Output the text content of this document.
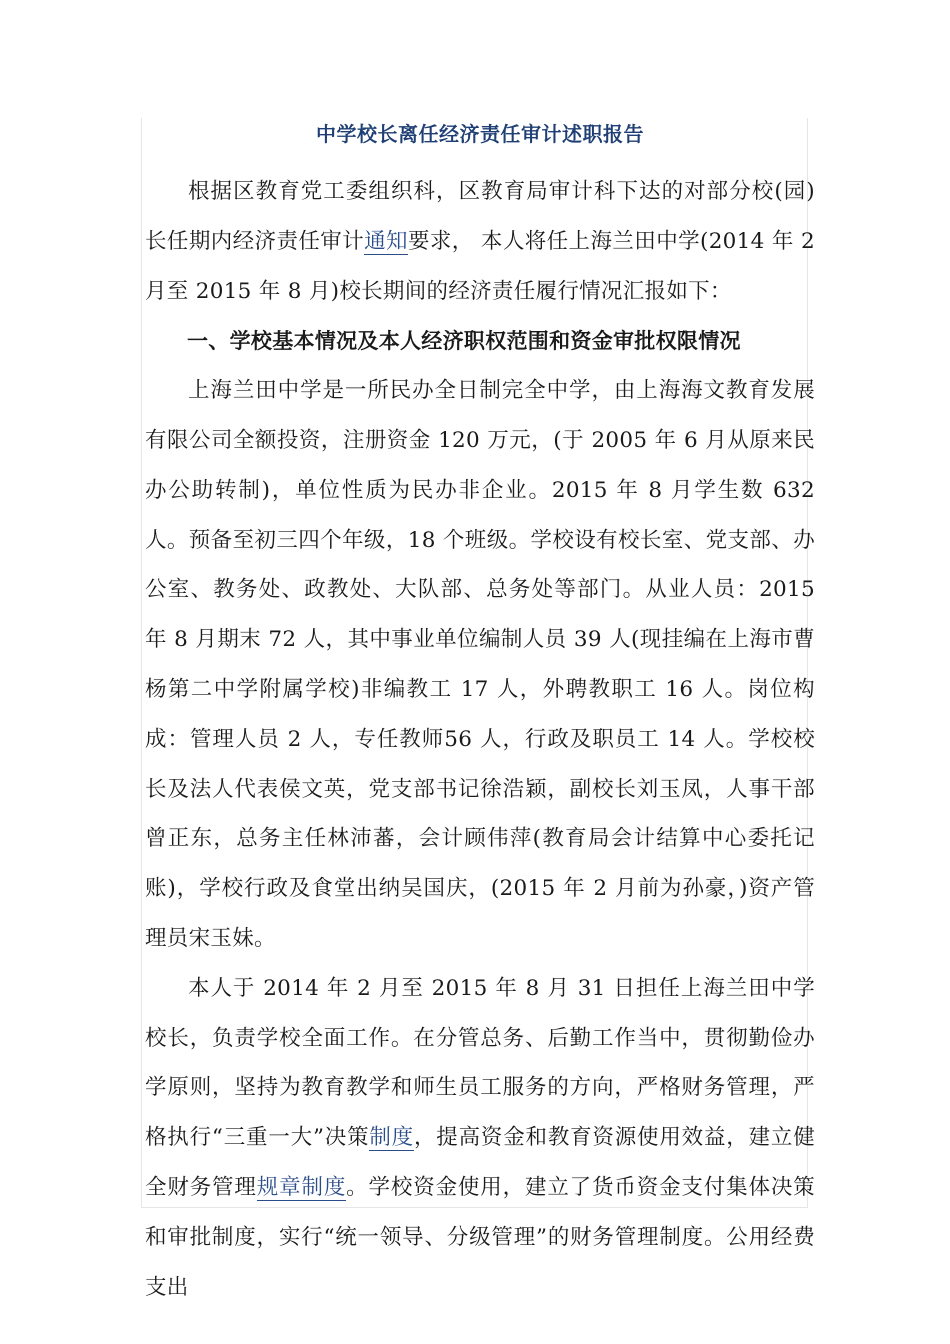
中学校长离任经济责任审计述职报告

根据区教育党工委组织科，区教育局审计科下达的对部分校(园)长任期内经济责任审计通知要求， 本人将任上海兰田中学(2014 年 2 月至 2015 年 8 月)校长期间的经济责任履行情况汇报如下：

一、学校基本情况及本人经济职权范围和资金审批权限情况

上海兰田中学是一所民办全日制完全中学，由上海海文教育发展有限公司全额投资，注册资金 120 万元，(于 2005 年 6 月从原来民办公助转制)，单位性质为民办非企业。2015 年 8 月学生数 632 人。预备至初三四个年级，18 个班级。学校设有校长室、党支部、办公室、教务处、政教处、大队部、总务处等部门。从业人员：2015 年 8 月期末 72 人，其中事业单位编制人员 39 人(现挂编在上海市曹杨第二中学附属学校)非编教工 17 人，外聘教职工 16 人。岗位构成：管理人员 2 人，专任教师56 人，行政及职员工 14 人。学校校长及法人代表侯文英，党支部书记徐浩颖，副校长刘玉凤，人事干部曾正东，总务主任林沛蕃，会计顾伟萍(教育局会计结算中心委托记账)，学校行政及食堂出纳吴国庆，(2015 年 2 月前为孙豪，)资产管理员宋玉妹。

本人于 2014 年 2 月至 2015 年 8 月 31 日担任上海兰田中学校长，负责学校全面工作。在分管总务、后勤工作当中，贯彻勤俭办学原则，坚持为教育教学和师生员工服务的方向，严格财务管理，严格执行“三重一大”决策制度，提高资金和教育资源使用效益，建立健全财务管理规章制度。学校资金使用，建立了货币资金支付集体决策和审批制度，实行“统一领导、分级管理”的财务管理制度。公用经费支出
